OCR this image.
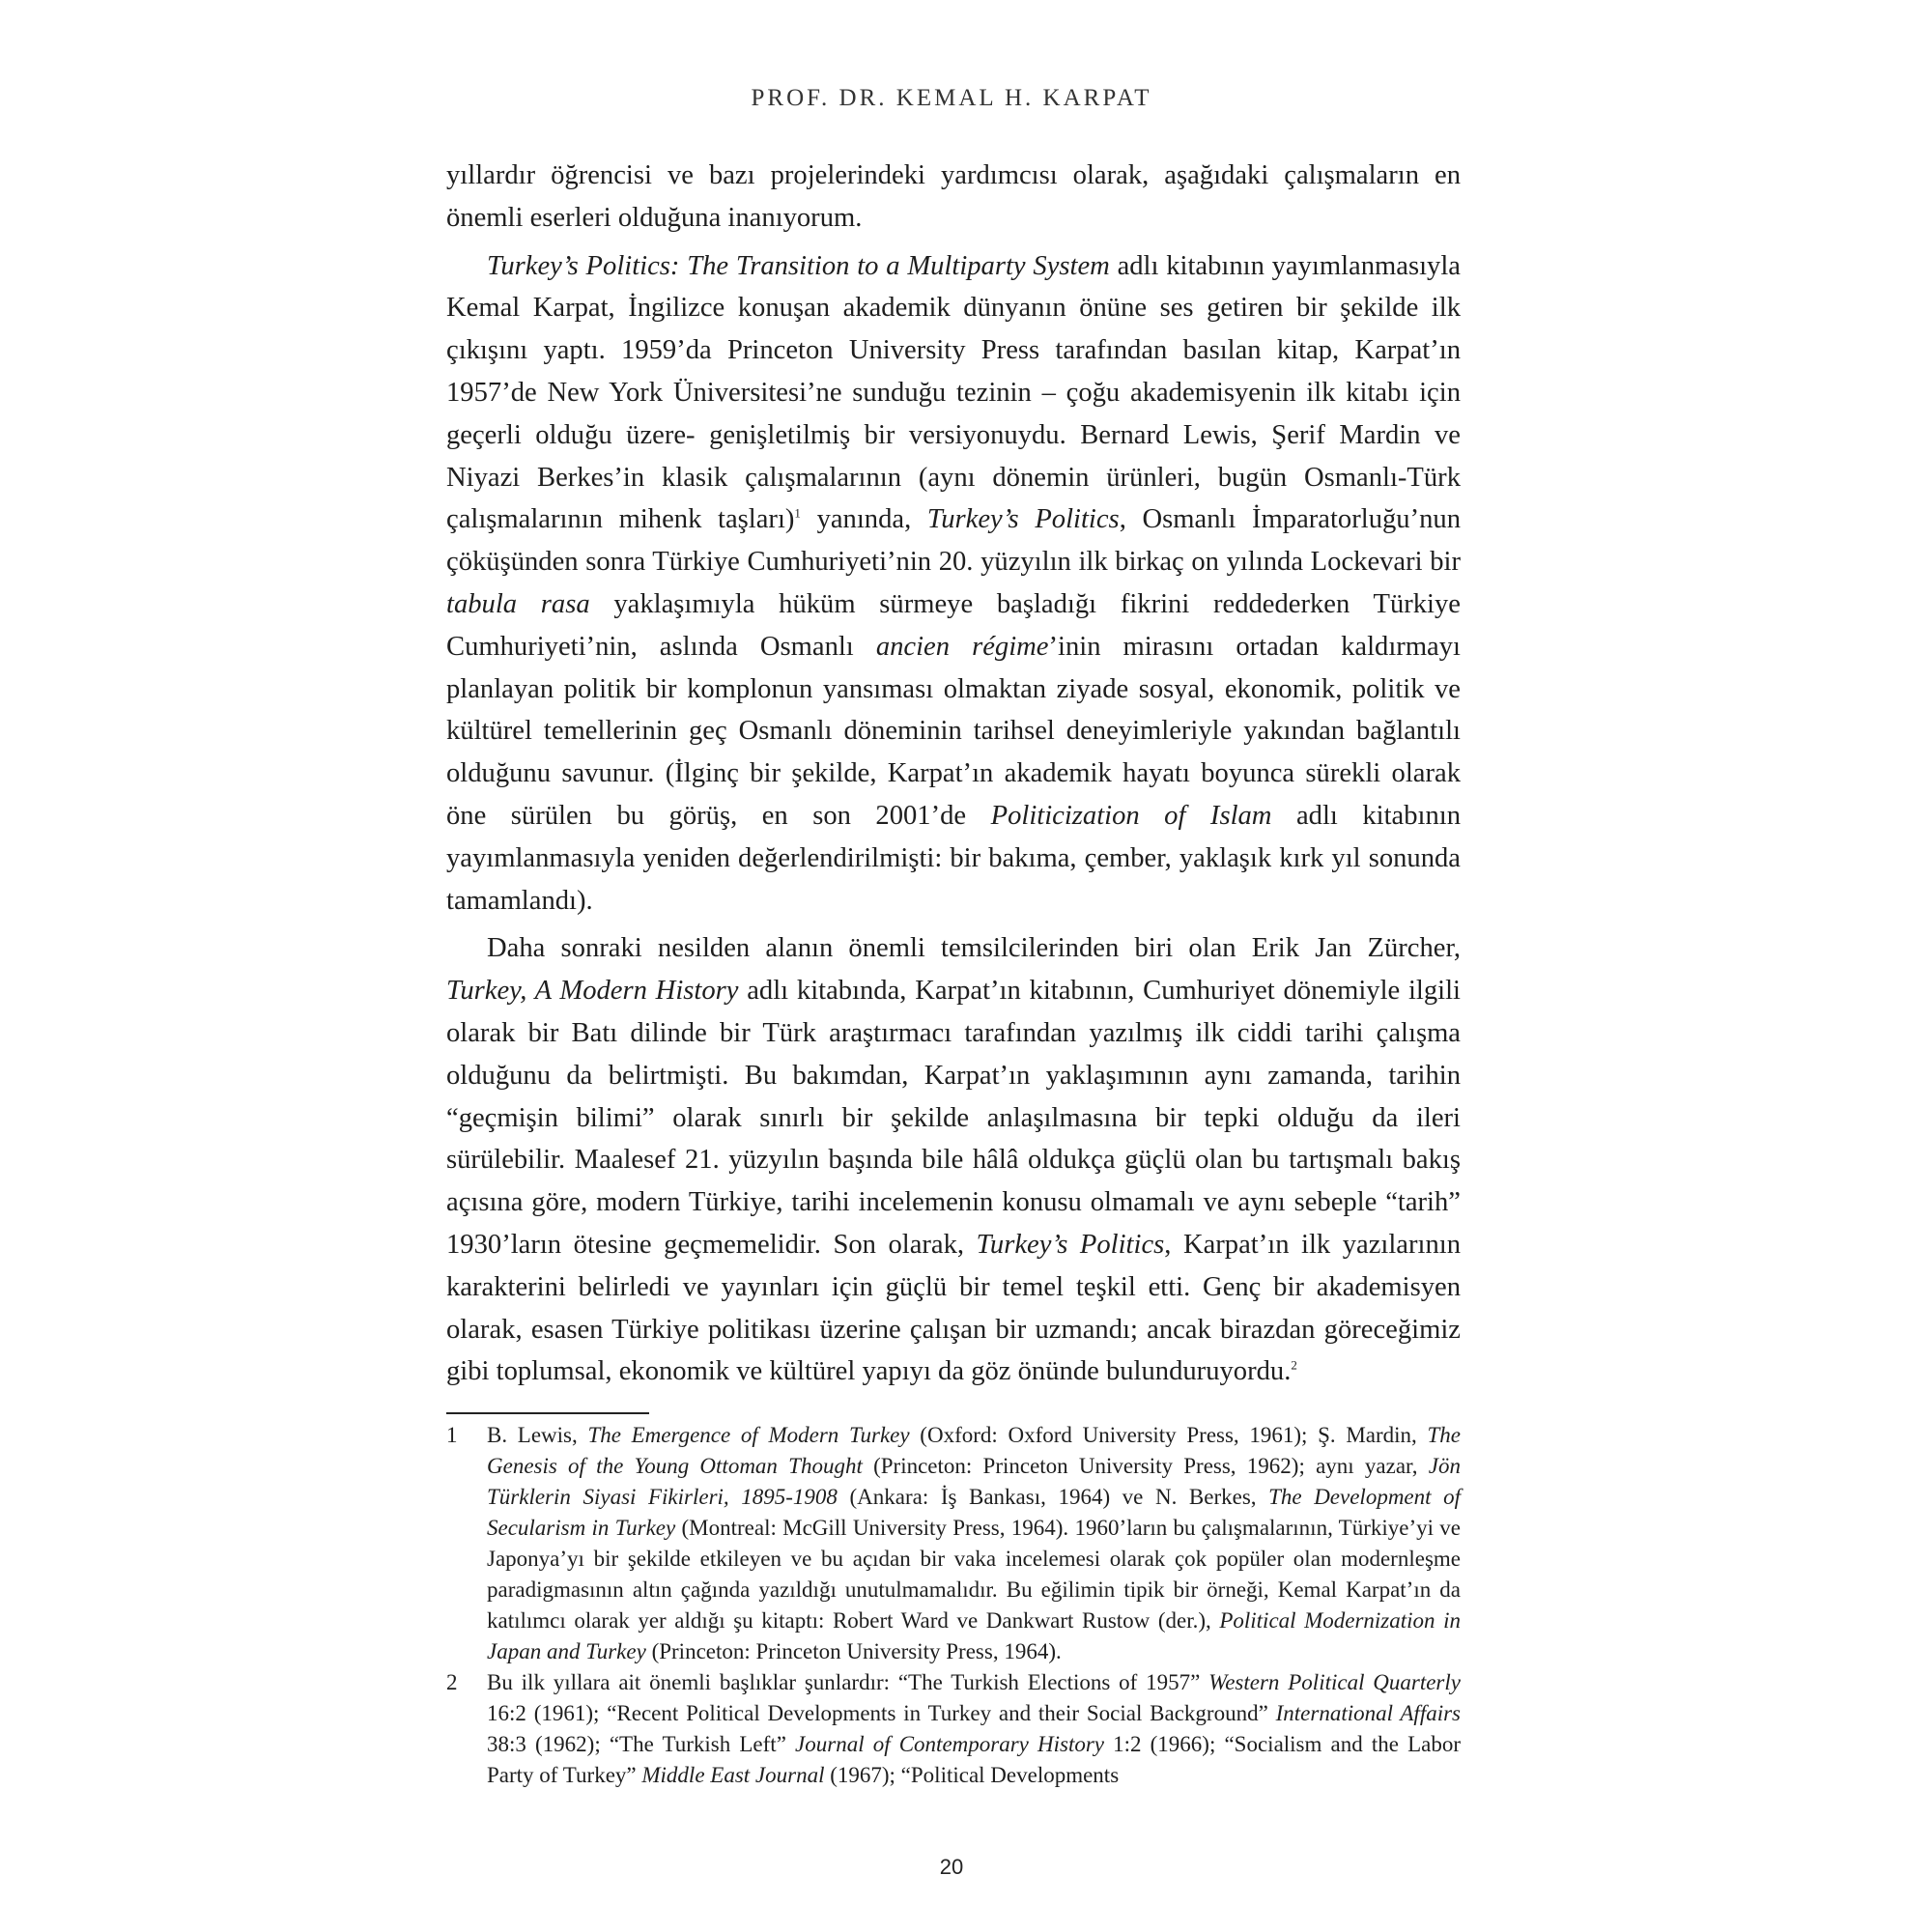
PROF. DR. KEMAL H. KARPAT

yıllardır öğrencisi ve bazı projelerindeki yardımcısı olarak, aşağıdaki çalışmaların en önemli eserleri olduğuna inanıyorum.

Turkey’s Politics: The Transition to a Multiparty System adlı kitabının yayımlanmasıyla Kemal Karpat, İngilizce konuşan akademik dünyanın önüne ses getiren bir şekilde ilk çıkışını yaptı. 1959’da Princeton University Press tarafından basılan kitap, Karpat’ın 1957’de New York Üniversitesi’ne sunduğu tezinin – çoğu akademisyenin ilk kitabı için geçerli olduğu üzere- genişletilmiş bir versiyonuydu. Bernard Lewis, Şerif Mardin ve Niyazi Berkes’in klasik çalışmalarının (aynı dönemin ürünleri, bugün Osmanlı-Türk çalışmalarının mihenk taşları)$^1$ yanında, Turkey’s Politics, Osmanlı İmparatorluğu’nun çöküşünden sonra Türkiye Cumhuriyeti’nin 20. yüzyılın ilk birkaç on yılında Lockevari bir tabula rasa yaklaşımıyla hüküm sürmeye başladığı fikrini reddederken Türkiye Cumhuriyeti’nin, aslında Osmanlı ancien régime’inin mirasını ortadan kaldırmayı planlayan politik bir komplonun yansıması olmaktan ziyade sosyal, ekonomik, politik ve kültürel temellerinin geç Osmanlı döneminin tarihsel deneyimleriyle yakından bağlantılı olduğunu savunur. (İlginç bir şekilde, Karpat’ın akademik hayatı boyunca sürekli olarak öne sürülen bu görüş, en son 2001’de Politicization of Islam adlı kitabının yayımlanmasıyla yeniden değerlendirilmişti: bir bakıma, çember, yaklaşık kırk yıl sonunda tamamlandı).

Daha sonraki nesilden alanın önemli temsilcilerinden biri olan Erik Jan Zürcher, Turkey, A Modern History adlı kitabında, Karpat’ın kitabının, Cumhuriyet dönemiyle ilgili olarak bir Batı dilinde bir Türk araştırmacı tarafından yazılmış ilk ciddi tarihi çalışma olduğunu da belirtmişti. Bu bakımdan, Karpat’ın yaklaşımının aynı zamanda, tarihin “geçmişin bilimi” olarak sınırlı bir şekilde anlaşılmasına bir tepki olduğu da ileri sürülebilir. Maalesef 21. yüzyılın başında bile hâlâ oldukça güçlü olan bu tartışmalı bakış açısına göre, modern Türkiye, tarihi incelemenin konusu olmamalı ve aynı sebeple “tarih” 1930’ların ötesine geçmemelidir. Son olarak, Turkey’s Politics, Karpat’ın ilk yazılarının karakterini belirledi ve yayınları için güçlü bir temel teşkil etti. Genç bir akademisyen olarak, esasen Türkiye politikası üzerine çalışan bir uzmandı; ancak birazdan göreceğimiz gibi toplumsal, ekonomik ve kültürel yapıyı da göz önünde bulunduruyordu.$^2$

1 B. Lewis, The Emergence of Modern Turkey (Oxford: Oxford University Press, 1961); Ş. Mardin, The Genesis of the Young Ottoman Thought (Princeton: Princeton University Press, 1962); aynı yazar, Jön Türklerin Siyasi Fikirleri, 1895-1908 (Ankara: İş Bankası, 1964) ve N. Berkes, The Development of Secularism in Turkey (Montreal: McGill University Press, 1964). 1960’ların bu çalışmalarının, Türkiye’yi ve Japonya’yı bir şekilde etkileyen ve bu açıdan bir vaka incelemesi olarak çok popüler olan modernleşme paradigmasının altın çağında yazıldığı unutulmamalıdır. Bu eğilimin tipik bir örneği, Kemal Karpat’ın da katılımcı olarak yer aldığı şu kitaptı: Robert Ward ve Dankwart Rustow (der.), Political Modernization in Japan and Turkey (Princeton: Princeton University Press, 1964).
2 Bu ilk yıllara ait önemli başlıklar şunlardır: “The Turkish Elections of 1957” Western Political Quarterly 16:2 (1961); “Recent Political Developments in Turkey and their Social Background” International Affairs 38:3 (1962); “The Turkish Left” Journal of Contemporary History 1:2 (1966); “Socialism and the Labor Party of Turkey” Middle East Journal (1967); “Political Developments
20
